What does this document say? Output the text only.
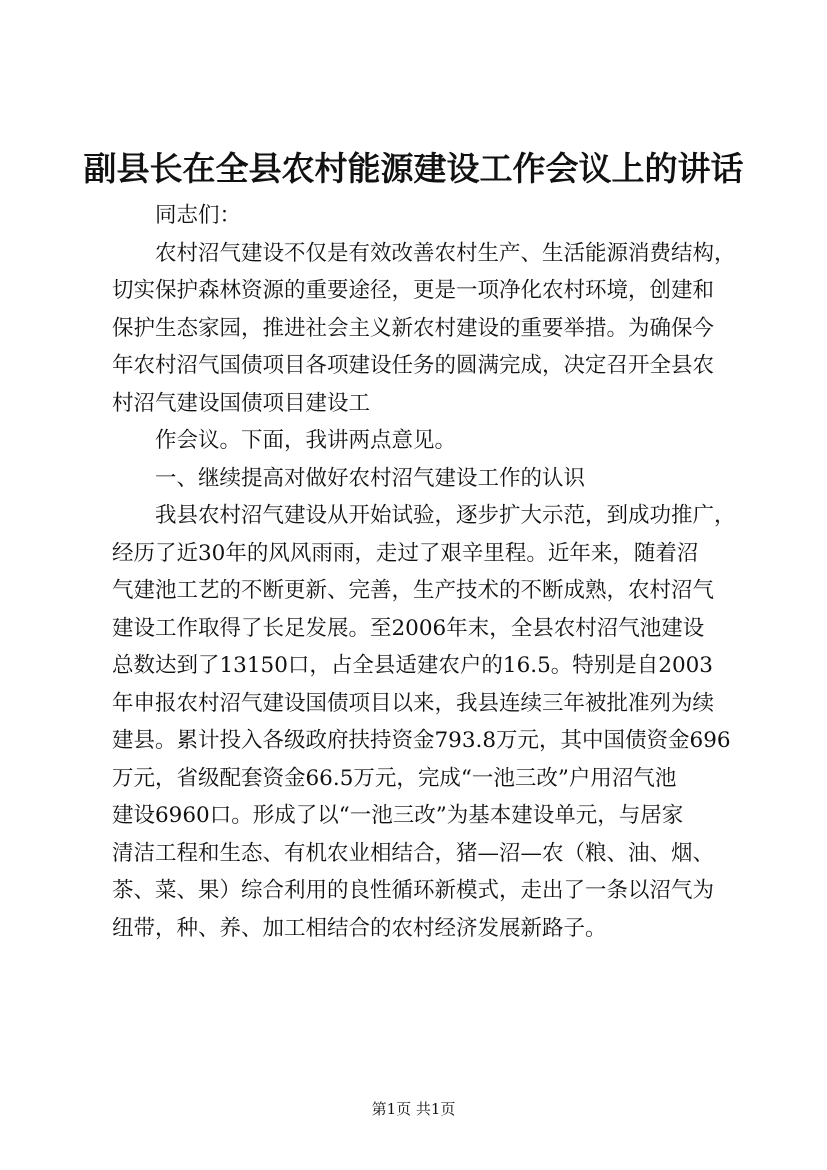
副县长在全县农村能源建设工作会议上的讲话
同志们：
农村沼气建设不仅是有效改善农村生产、生活能源消费结构，
切实保护森林资源的重要途径，更是一项净化农村环境，创建和
保护生态家园，推进社会主义新农村建设的重要举措。为确保今
年农村沼气国债项目各项建设任务的圆满完成，决定召开全县农
村沼气建设国债项目建设工
作会议。下面，我讲两点意见。
一、继续提高对做好农村沼气建设工作的认识
我县农村沼气建设从开始试验，逐步扩大示范，到成功推广，
经历了近30年的风风雨雨，走过了艰辛里程。近年来，随着沼
气建池工艺的不断更新、完善，生产技术的不断成熟，农村沼气
建设工作取得了长足发展。至2006年末，全县农村沼气池建设
总数达到了13150口，占全县适建农户的16.5。特别是自2003
年申报农村沼气建设国债项目以来，我县连续三年被批准列为续
建县。累计投入各级政府扶持资金793.8万元，其中国债资金696
万元，省级配套资金66.5万元，完成“一池三改”户用沼气池
建设6960口。形成了以“一池三改”为基本建设单元，与居家
清洁工程和生态、有机农业相结合，猪—沼—农（粮、油、烟、
茶、菜、果）综合利用的良性循环新模式，走出了一条以沼气为
纽带，种、养、加工相结合的农村经济发展新路子。
第1页 共1页
